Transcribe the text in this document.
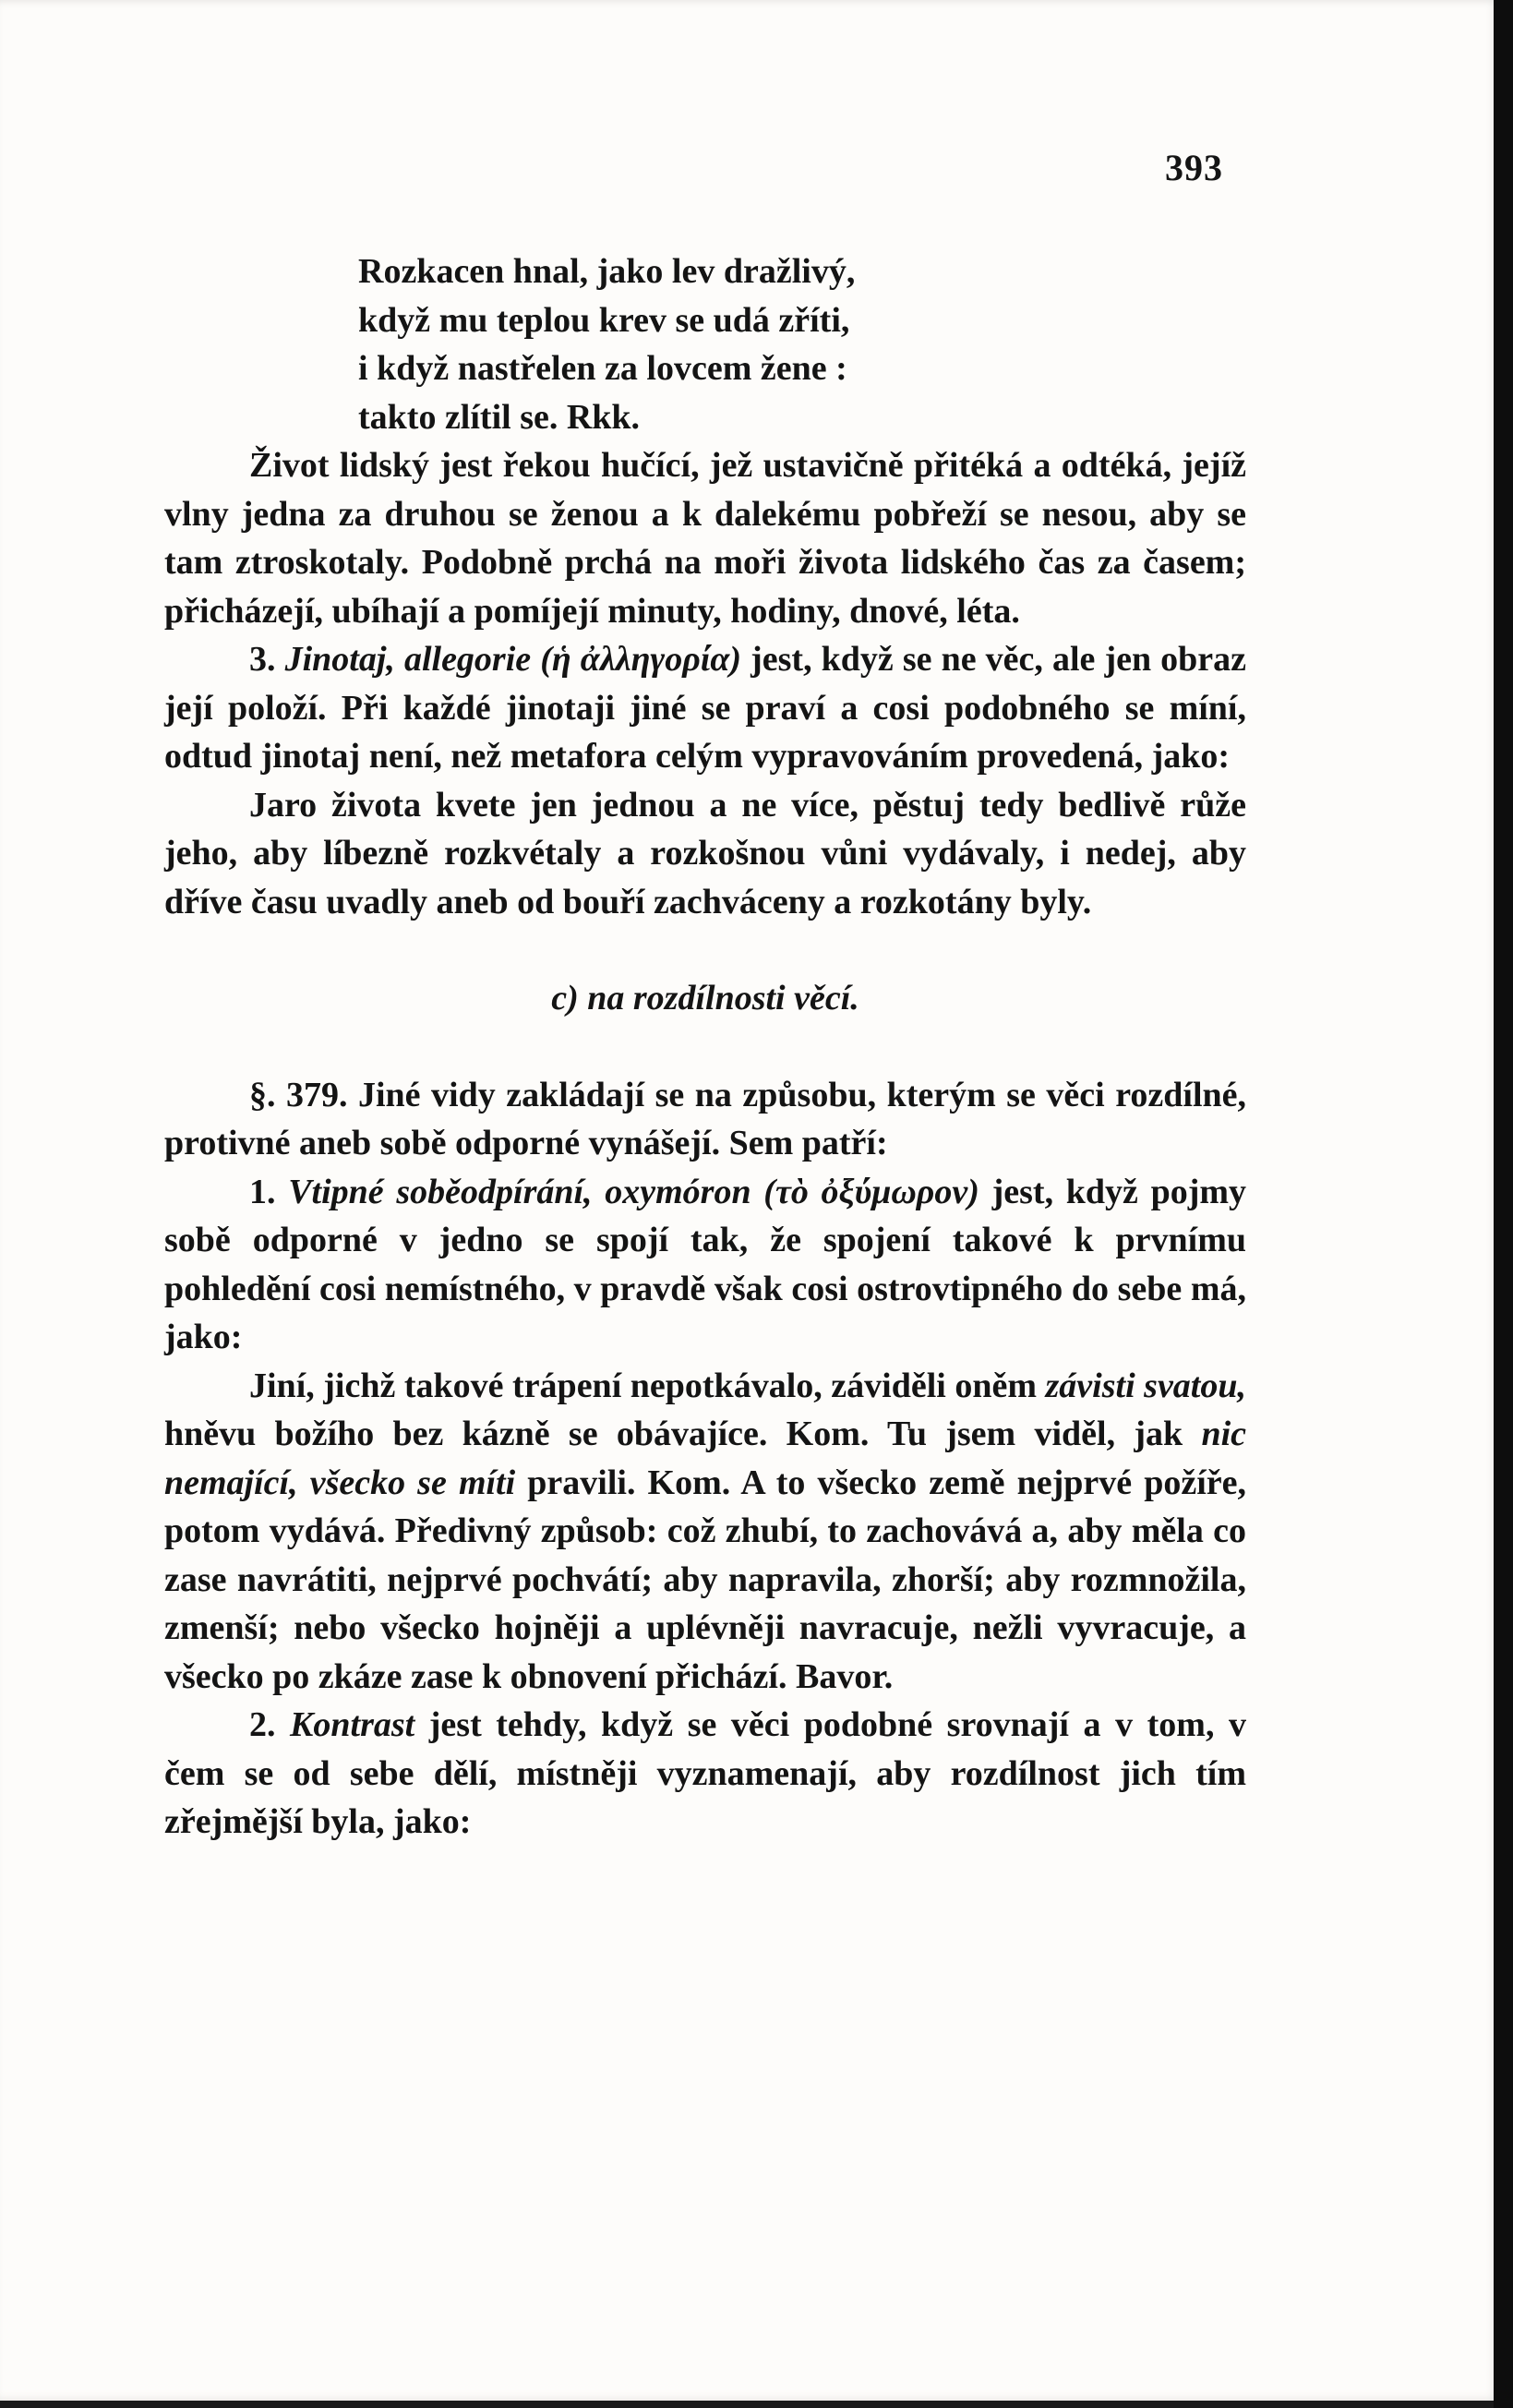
393

Rozkacen hnal, jako lev dražlivý,

když mu teplou krev se udá zříti,

i když nastřelen za lovcem žene :

takto zlítil se. Rkk.

Život lidský jest řekou hučící, jež ustavičně přitéká a odtéká, jejíž vlny jedna za druhou se ženou a k dalekému pobřeží se nesou, aby se tam ztroskotaly. Podobně prchá na moři života lidského čas za časem; přicházejí, ubíhají a pomíjejí minuty, hodiny, dnové, léta.

3. Jinotaj, allegorie (ἡ ἀλληγορία) jest, když se ne věc, ale jen obraz její položí. Při každé jinotaji jiné se praví a cosi podobného se míní, odtud jinotaj není, než metafora celým vypravováním provedená, jako:

Jaro života kvete jen jednou a ne více, pěstuj tedy bedlivě růže jeho, aby líbezně rozkvétaly a rozkošnou vůni vydávaly, i nedej, aby dříve času uvadly aneb od bouří zachváceny a rozkotány byly.

c) na rozdílnosti věcí.

§. 379. Jiné vidy zakládají se na způsobu, kterým se věci rozdílné, protivné aneb sobě odporné vynášejí. Sem patří:

1. Vtipné soběodpírání, oxymóron (τὸ ὀξύμωρον) jest, když pojmy sobě odporné v jedno se spojí tak, že spojení takové k prvnímu pohledění cosi nemístného, v pravdě však cosi ostrovtipného do sebe má, jako:

Jiní, jichž takové trápení nepotkávalo, záviděli oněm závisti svatou, hněvu božího bez kázně se obávajíce. Kom. Tu jsem viděl, jak nic nemající, všecko se míti pravili. Kom. A to všecko země nejprvé požíře, potom vydává. Předivný způsob: což zhubí, to zachovává a, aby měla co zase navrátiti, nejprvé pochvátí; aby napravila, zhorší; aby rozmnožila, zmenší; nebo všecko hojněji a uplévněji navracuje, nežli vyvracuje, a všecko po zkáze zase k obnovení přichází. Bavor.

2. Kontrast jest tehdy, když se věci podobné srovnají a v tom, v čem se od sebe dělí, místněji vyznamenají, aby rozdílnost jich tím zřejmější byla, jako:
